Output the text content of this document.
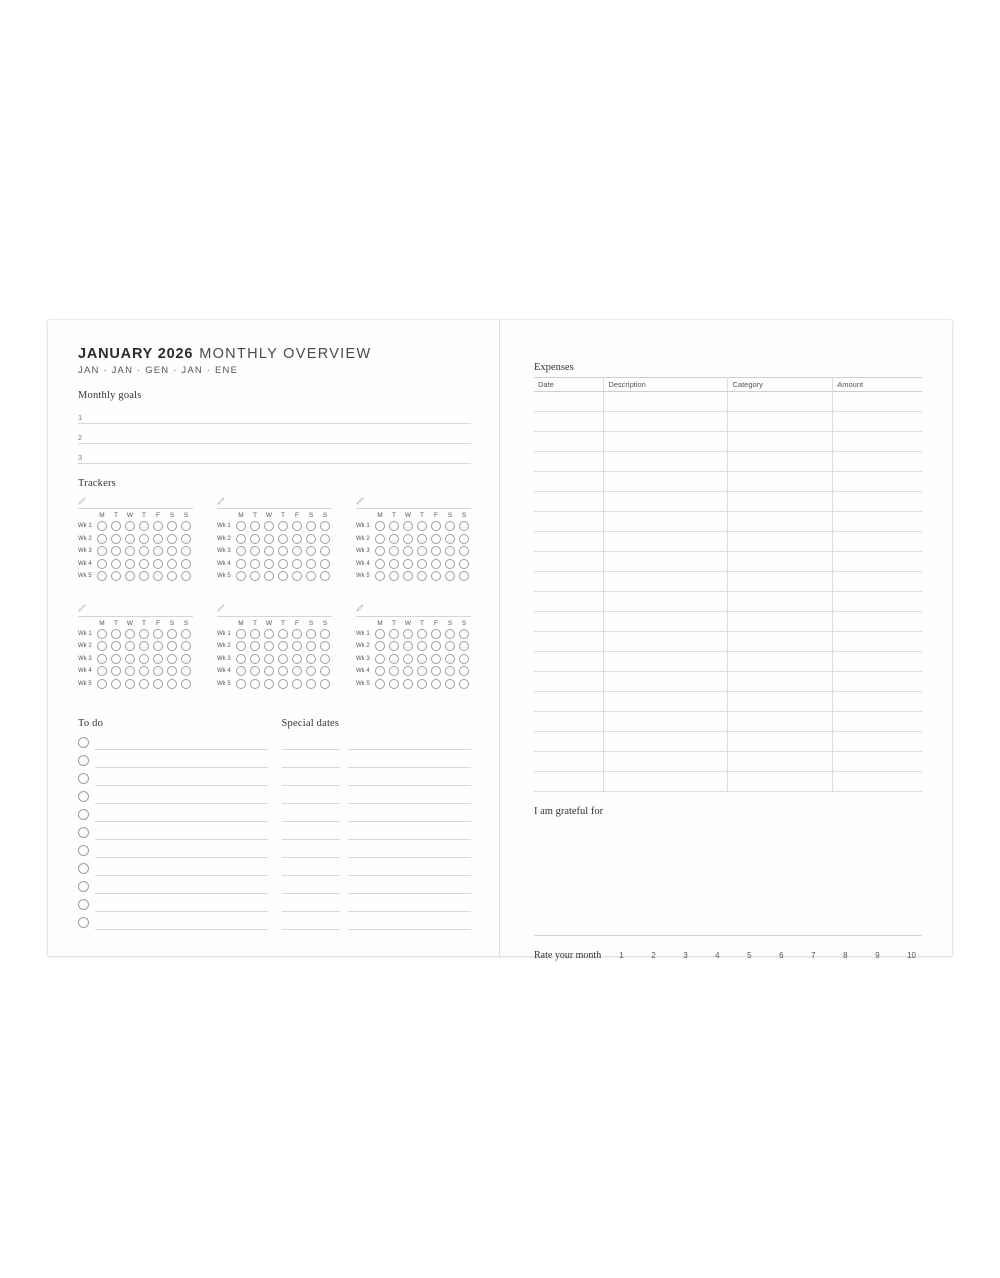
JANUARY 2026 MONTHLY OVERVIEW
JAN · JAN · GEN · JAN · ENE
Monthly goals
1
2
3
Trackers
M	T	W	T	F	S	S
Wk 1
Wk 2
Wk 3
Wk 4
Wk 5
M	T	W	T	F	S	S
Wk 1
Wk 2
Wk 3
Wk 4
Wk 5
M	T	W	T	F	S	S
Wk 1
Wk 2
Wk 3
Wk 4
Wk 5
M	T	W	T	F	S	S
Wk 1
Wk 2
Wk 3
Wk 4
Wk 5
M	T	W	T	F	S	S
Wk 1
Wk 2
Wk 3
Wk 4
Wk 5
M	T	W	T	F	S	S
Wk 1
Wk 2
Wk 3
Wk 4
Wk 5
To do	Special dates
Expenses
Date	Description	Category	Amount

I am grateful for
Rate your month 1	2	3	4	5	6	7	8	9	10
